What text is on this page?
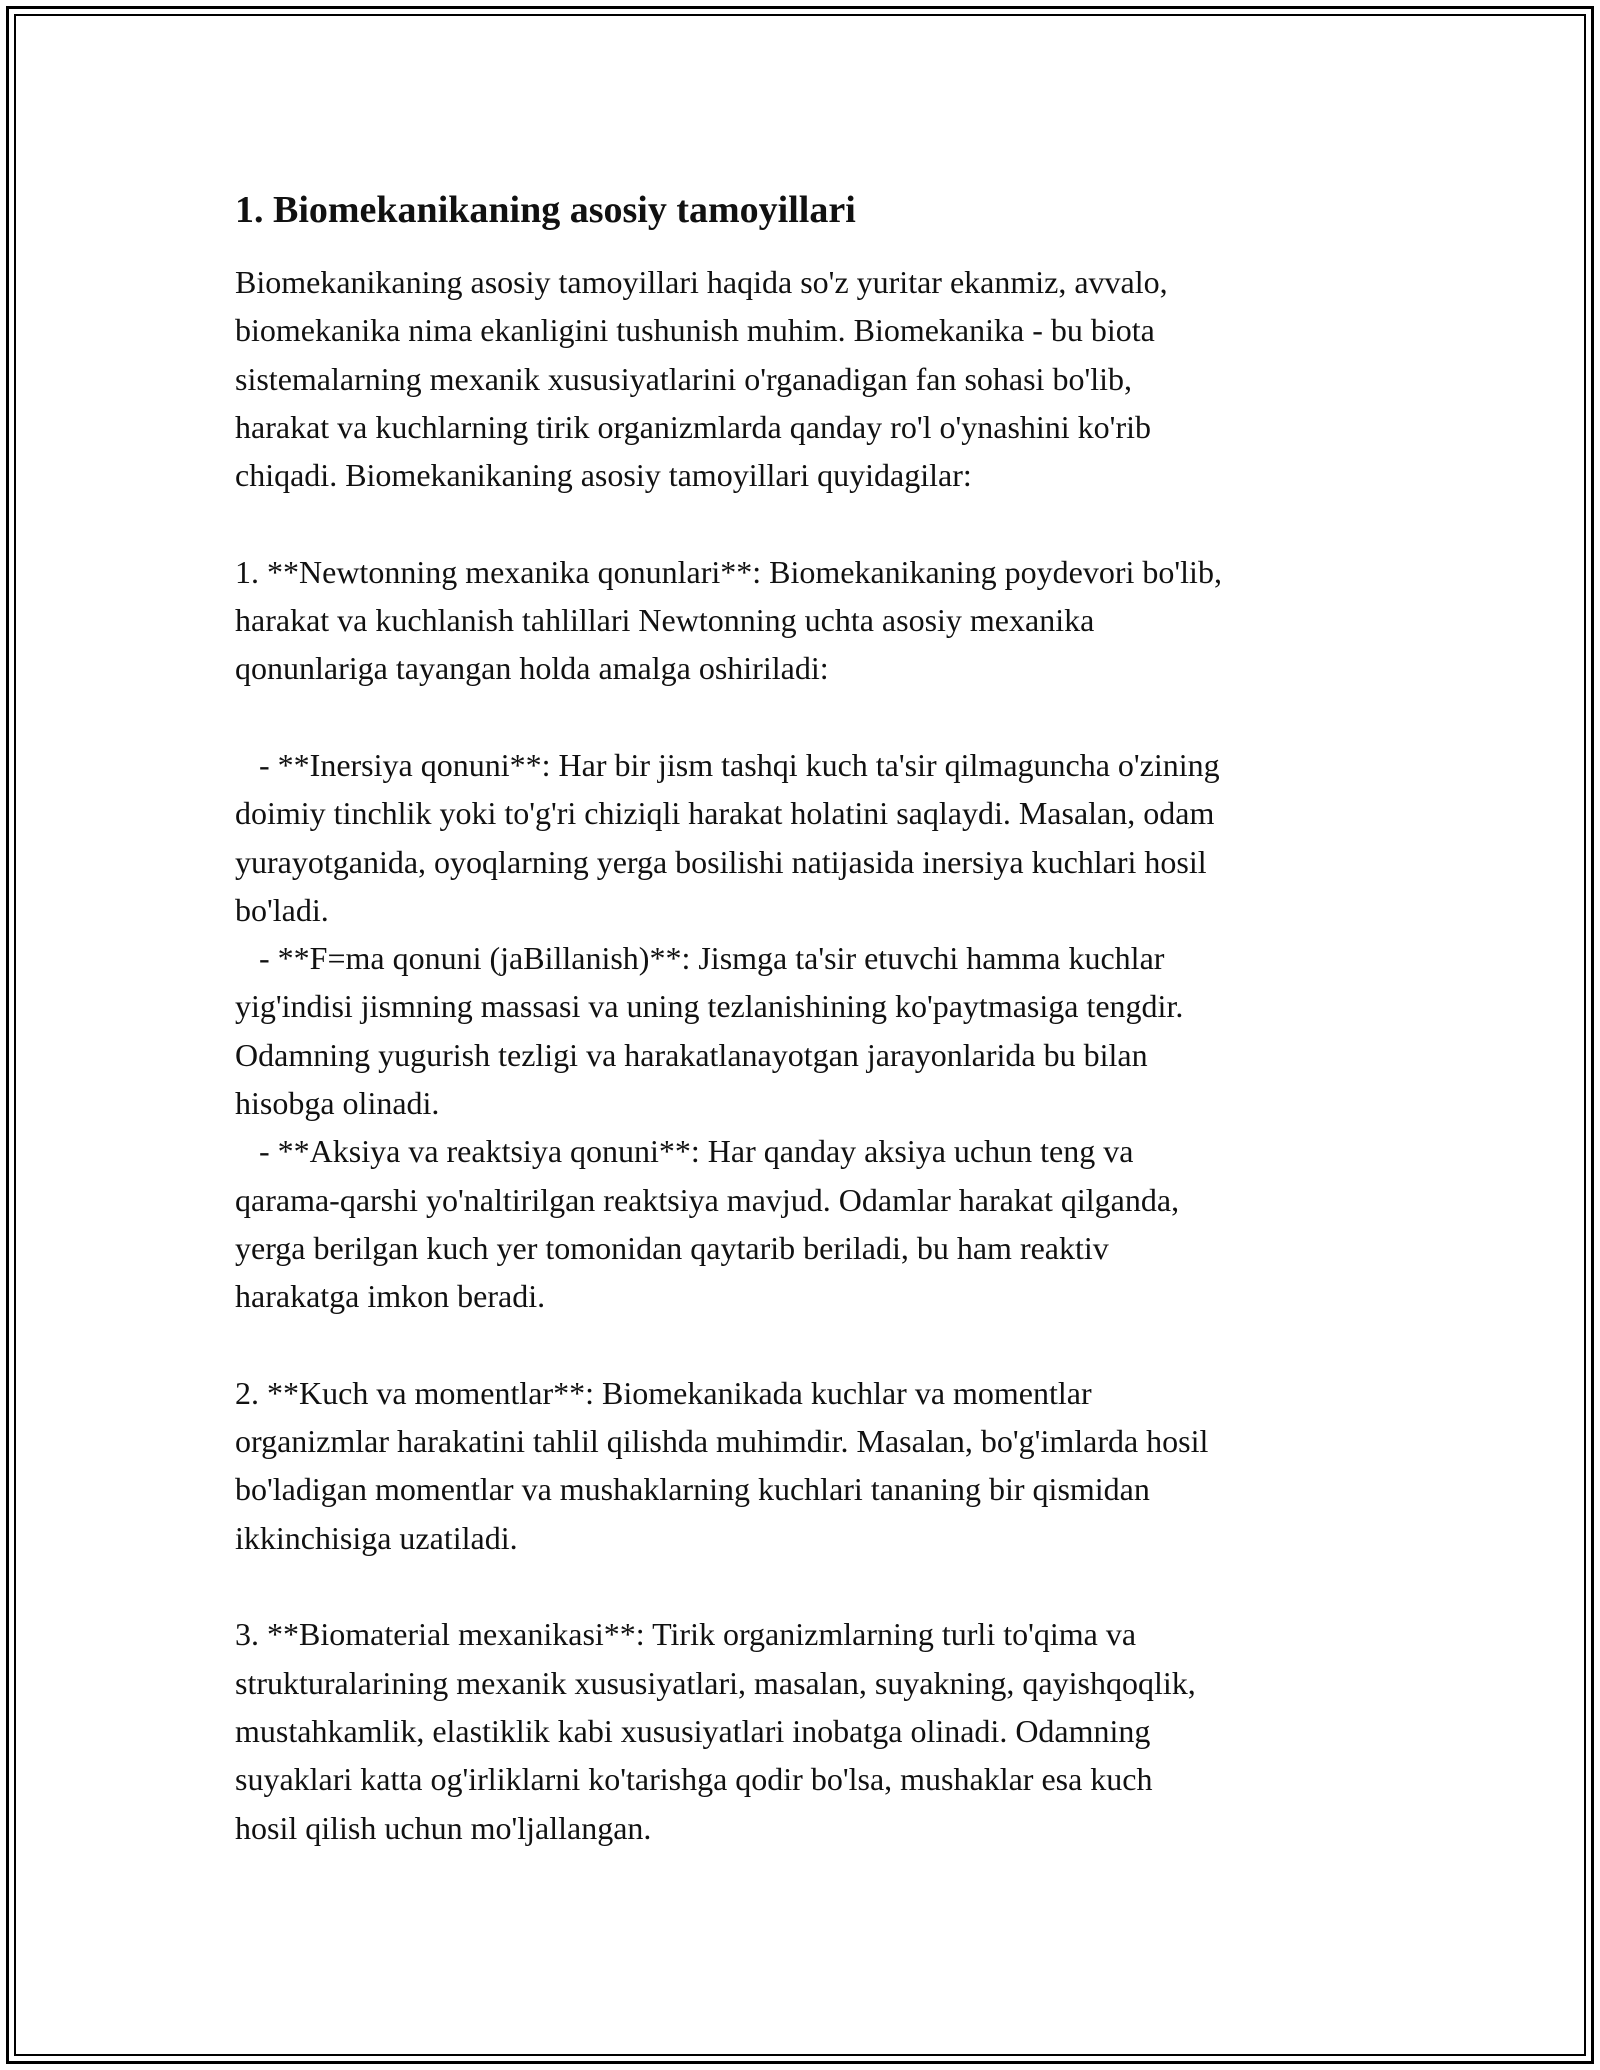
1. Biomekanikaning asosiy tamoyillari

Biomekanikaning asosiy tamoyillari haqida so'z yuritar ekanmiz, avvalo,
biomekanika nima ekanligini tushunish muhim. Biomekanika - bu biota
sistemalarning mexanik xususiyatlarini o'rganadigan fan sohasi bo'lib,
harakat va kuchlarning tirik organizmlarda qanday ro'l o'ynashini ko'rib
chiqadi. Biomekanikaning asosiy tamoyillari quyidagilar:

1. **Newtonning mexanika qonunlari**: Biomekanikaning poydevori bo'lib,
harakat va kuchlanish tahlillari Newtonning uchta asosiy mexanika
qonunlariga tayangan holda amalga oshiriladi:

- **Inersiya qonuni**: Har bir jism tashqi kuch ta'sir qilmaguncha o'zining
doimiy tinchlik yoki to'g'ri chiziqli harakat holatini saqlaydi. Masalan, odam
yurayotganida, oyoqlarning yerga bosilishi natijasida inersiya kuchlari hosil
bo'ladi.
- **F=ma qonuni (jaBillanish)**: Jismga ta'sir etuvchi hamma kuchlar
yig'indisi jismning massasi va uning tezlanishining ko'paytmasiga tengdir.
Odamning yugurish tezligi va harakatlanayotgan jarayonlarida bu bilan
hisobga olinadi.
- **Aksiya va reaktsiya qonuni**: Har qanday aksiya uchun teng va
qarama-qarshi yo'naltirilgan reaktsiya mavjud. Odamlar harakat qilganda,
yerga berilgan kuch yer tomonidan qaytarib beriladi, bu ham reaktiv
harakatga imkon beradi.

2. **Kuch va momentlar**: Biomekanikada kuchlar va momentlar
organizmlar harakatini tahlil qilishda muhimdir. Masalan, bo'g'imlarda hosil
bo'ladigan momentlar va mushaklarning kuchlari tananing bir qismidan
ikkinchisiga uzatiladi.

3. **Biomaterial mexanikasi**: Tirik organizmlarning turli to'qima va
strukturalarining mexanik xususiyatlari, masalan, suyakning, qayishqoqlik,
mustahkamlik, elastiklik kabi xususiyatlari inobatga olinadi. Odamning
suyaklari katta og'irliklarni ko'tarishga qodir bo'lsa, mushaklar esa kuch
hosil qilish uchun mo'ljallangan.
